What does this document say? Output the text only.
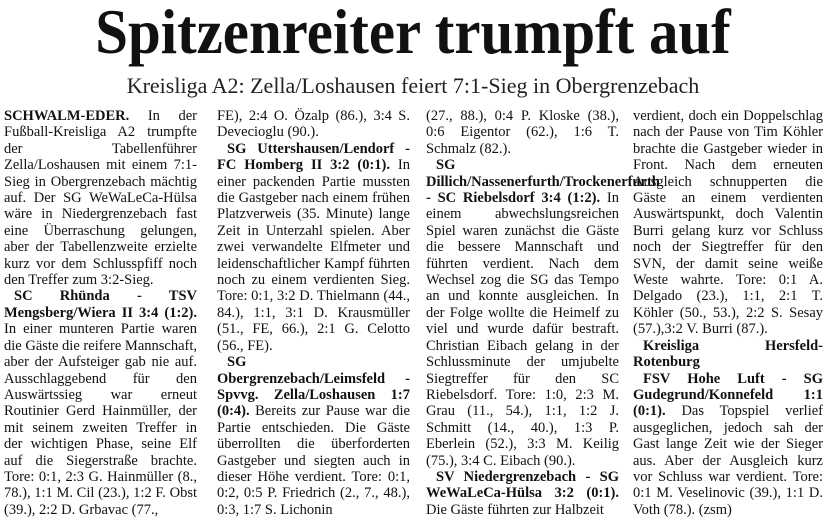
Spitzenreiter trumpft auf
Kreisliga A2: Zella/Loshausen feiert 7:1-Sieg in Obergrenzebach

SCHWALM-EDER. In der Fußball-Kreisliga A2 trumpfte der Tabellenführer Zella/Loshausen mit einem 7:1-Sieg in Obergrenzebach mächtig auf. Der SG WeWaLeCa-Hülsa wäre in Niedergrenzebach fast eine Überraschung gelungen, aber der Tabellenzweite erzielte kurz vor dem Schlusspfiff noch den Treffer zum 3:2-Sieg.

SC Rhünda - TSV Mengsberg/Wiera II 3:4 (1:2). In einer munteren Partie waren die Gäste die reifere Mannschaft, aber der Aufsteiger gab nie auf. Ausschlaggebend für den Auswärtssieg war erneut Routinier Gerd Hainmüller, der mit seinem zweiten Treffer in der wichtigen Phase, seine Elf auf die Siegerstraße brachte. Tore: 0:1, 2:3 G. Hainmüller (8., 78.), 1:1 M. Cil (23.), 1:2 F. Obst (39.), 2:2 D. Grbavac (77.,

FE), 2:4 O. Özalp (86.), 3:4 S. Devecioglu (90.).

SG Uttershausen/Lendorf - FC Homberg II 3:2 (0:1). In einer packenden Partie mussten die Gastgeber nach einem frühen Platzverweis (35. Minute) lange Zeit in Unterzahl spielen. Aber zwei verwandelte Elfmeter und leidenschaftlicher Kampf führten noch zu einem verdienten Sieg. Tore: 0:1, 3:2 D. Thielmann (44., 84.), 1:1, 3:1 D. Krausmüller (51., FE, 66.), 2:1 G. Celotto (56., FE).

SG Obergrenzebach/Leimsfeld - Spvvg. Zella/Loshausen 1:7 (0:4). Bereits zur Pause war die Partie entschieden. Die Gäste überrollten die überforderten Gastgeber und siegten auch in dieser Höhe verdient. Tore: 0:1, 0:2, 0:5 P. Friedrich (2., 7., 48.), 0:3, 1:7 S. Lichonin

(27., 88.), 0:4 P. Kloske (38.), 0:6 Eigentor (62.), 1:6 T. Schmalz (82.).

SG Dillich/Nassenerfurth/Trockenerfurth - SC Riebelsdorf 3:4 (1:2). In einem abwechslungsreichen Spiel waren zunächst die Gäste die bessere Mannschaft und führten verdient. Nach dem Wechsel zog die SG das Tempo an und konnte ausgleichen. In der Folge wollte die Heimelf zu viel und wurde dafür bestraft. Christian Eibach gelang in der Schlussminute der umjubelte Siegtreffer für den SC Riebelsdorf. Tore: 1:0, 2:3 M. Grau (11., 54.), 1:1, 1:2 J. Schmitt (14., 40.), 1:3 P. Eberlein (52.), 3:3 M. Keilig (75.), 3:4 C. Eibach (90.).

SV Niedergrenzebach - SG WeWaLeCa-Hülsa 3:2 (0:1). Die Gäste führten zur Halbzeit

verdient, doch ein Doppelschlag nach der Pause von Tim Köhler brachte die Gastgeber wieder in Front. Nach dem erneuten Ausgleich schnupperten die Gäste an einem verdienten Auswärtspunkt, doch Valentin Burri gelang kurz vor Schluss noch der Siegtreffer für den SVN, der damit seine weiße Weste wahrte. Tore: 0:1 A. Delgado (23.), 1:1, 2:1 T. Köhler (50., 53.), 2:2 S. Sesay (57.),3:2 V. Burri (87.).

Kreisliga Hersfeld-Rotenburg

FSV Hohe Luft - SG Gudegrund/Konnefeld 1:1 (0:1). Das Topspiel verlief ausgeglichen, jedoch sah der Gast lange Zeit wie der Sieger aus. Aber der Ausgleich kurz vor Schluss war verdient. Tore: 0:1 M. Veselinovic (39.), 1:1 D. Voth (78.). (zsm)
